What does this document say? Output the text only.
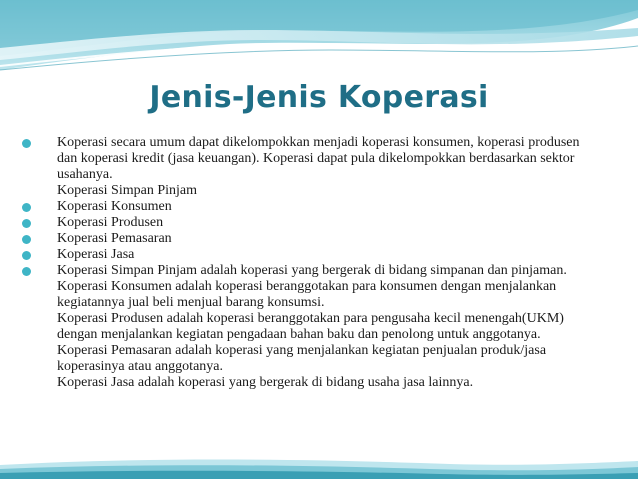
Jenis-Jenis Koperasi
Koperasi secara umum dapat dikelompokkan menjadi koperasi konsumen, koperasi produsen dan koperasi kredit (jasa keuangan). Koperasi dapat pula dikelompokkan berdasarkan sektor usahanya.
Koperasi Simpan Pinjam
Koperasi Konsumen
Koperasi Produsen
Koperasi Pemasaran
Koperasi Jasa
Koperasi Simpan Pinjam adalah koperasi yang bergerak di bidang simpanan dan pinjaman.
Koperasi Konsumen adalah koperasi beranggotakan para konsumen dengan menjalankan kegiatannya jual beli menjual barang konsumsi.
Koperasi Produsen adalah koperasi beranggotakan para pengusaha kecil menengah(UKM) dengan menjalankan kegiatan pengadaan bahan baku dan penolong untuk anggotanya.
Koperasi Pemasaran adalah koperasi yang menjalankan kegiatan penjualan produk/jasa koperasinya atau anggotanya.
Koperasi Jasa adalah koperasi yang bergerak di bidang usaha jasa lainnya.
